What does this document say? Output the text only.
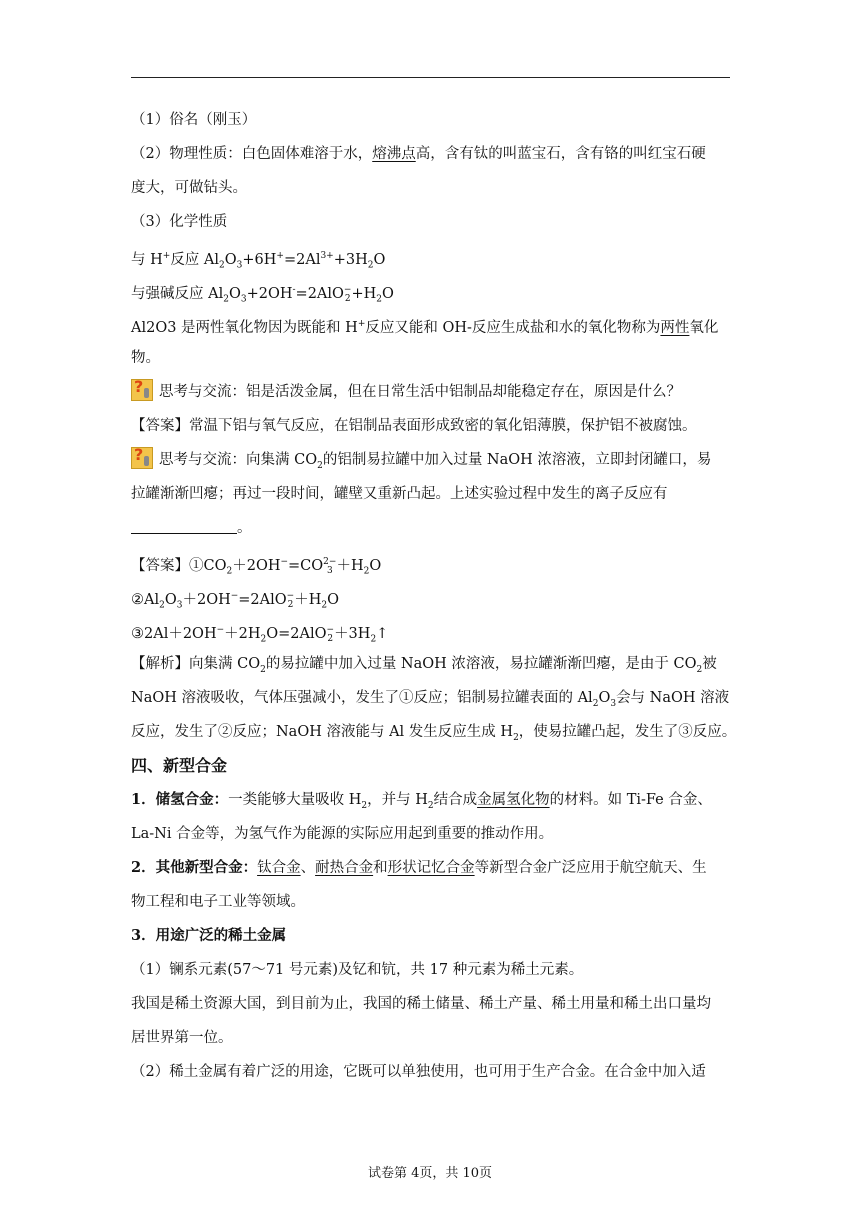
（1）俗名（刚玉）
（2）物理性质：白色固体难溶于水，熔沸点高，含有钛的叫蓝宝石，含有铬的叫红宝石硬
度大，可做钻头。
（3）化学性质
与 H+反应 $Al_2O_3+6H^+=2Al^{3+}+3H_2O$
与强碱反应 $Al_2O_3+2OH^-=2AlO$ −
$2 +H_2O$
Al2O3 是两性氧化物因为既能和 H+反应又能和 OH-反应生成盐和水的氧化物称为两性氧化
物。
?思考与交流：铝是活泼金属，但在日常生活中铝制品却能稳定存在，原因是什么？
【答案】常温下铝与氧气反应，在铝制品表面形成致密的氧化铝薄膜，保护铝不被腐蚀。
?思考与交流：向集满 $CO_2$的铝制易拉罐中加入过量 NaOH 浓溶液，立即封闭罐口，易
拉罐渐渐凹瘪；再过一段时间，罐壁又重新凸起。上述实验过程中发生的离子反应有
。
【答案】$①CO_2+2OH^-=CO$ 2−
$3 +H_2O$
$②Al_2O_3+2OH^-=2AlO$ −
$2 +H_2O$
$③2Al+2OH^-+2H_2O=2AlO$ −
$2 +3H_2↑$
【解析】向集满 $CO_2$的易拉罐中加入过量 NaOH 浓溶液，易拉罐渐渐凹瘪，是由于 $CO_2$被
NaOH 溶液吸收，气体压强减小，发生了①反应；铝制易拉罐表面的 $Al_2O_3$会与 NaOH 溶液
反应，发生了②反应；NaOH 溶液能与 Al 发生反应生成 $H_2$，使易拉罐凸起，发生了③反应。
四、新型合金
1．储氢合金：一类能够大量吸收 $H_2$，并与 $H_2$结合成金属氢化物的材料。如 Ti-Fe 合金、
La-Ni 合金等，为氢气作为能源的实际应用起到重要的推动作用。
2．其他新型合金：钛合金、耐热合金和形状记忆合金等新型合金广泛应用于航空航天、生
物工程和电子工业等领域。
3．用途广泛的稀土金属
（1）镧系元素(57～71 号元素)及钇和钪，共 17 种元素为稀土元素。
我国是稀土资源大国，到目前为止，我国的稀土储量、稀土产量、稀土用量和稀土出口量均
居世界第一位。
（2）稀土金属有着广泛的用途，它既可以单独使用，也可用于生产合金。在合金中加入适
试卷第 4页，共 10页
